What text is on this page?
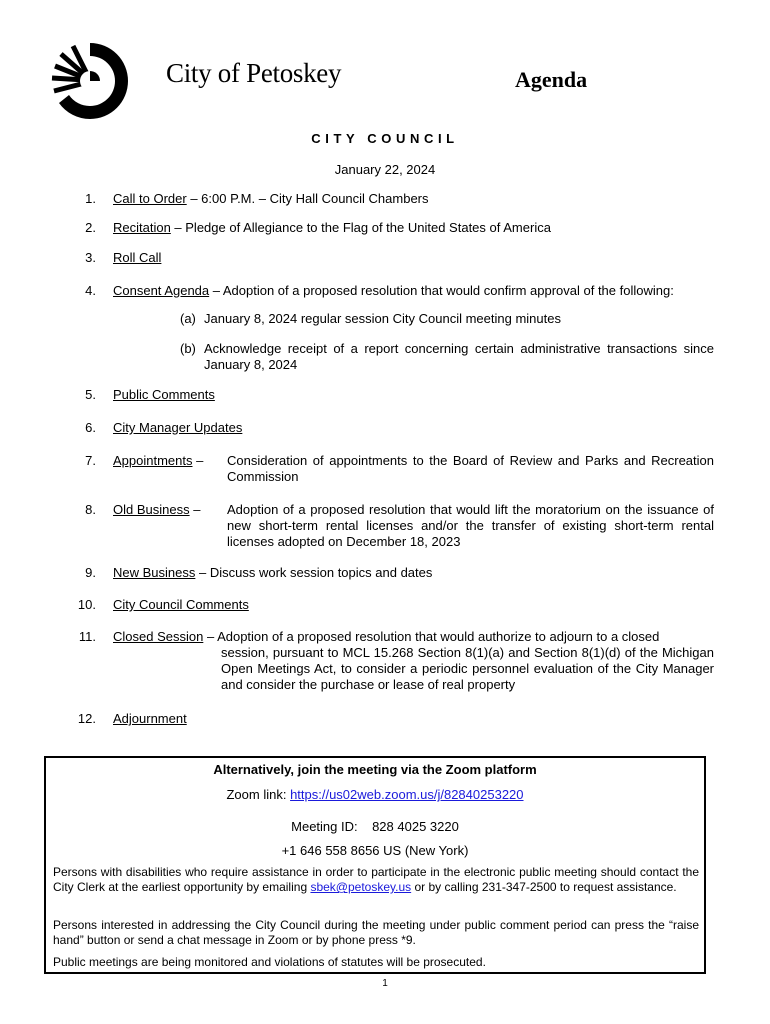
City of Petoskey	Agenda
CITY COUNCIL
January 22, 2024
1. Call to Order – 6:00 P.M. – City Hall Council Chambers
2. Recitation – Pledge of Allegiance to the Flag of the United States of America
3. Roll Call
4. Consent Agenda – Adoption of a proposed resolution that would confirm approval of the following:
(a) January 8, 2024 regular session City Council meeting minutes
(b) Acknowledge receipt of a report concerning certain administrative transactions since January 8, 2024
5. Public Comments
6. City Manager Updates
7. Appointments – Consideration of appointments to the Board of Review and Parks and Recreation Commission
8. Old Business – Adoption of a proposed resolution that would lift the moratorium on the issuance of new short-term rental licenses and/or the transfer of existing short-term rental licenses adopted on December 18, 2023
9. New Business – Discuss work session topics and dates
10. City Council Comments
11. Closed Session – Adoption of a proposed resolution that would authorize to adjourn to a closed
session, pursuant to MCL 15.268 Section 8(1)(a) and Section 8(1)(d) of the Michigan Open Meetings Act, to consider a periodic personnel evaluation of the City Manager and consider the purchase or lease of real property
12. Adjournment
Alternatively, join the meeting via the Zoom platform
Zoom link: https://us02web.zoom.us/j/82840253220
Meeting ID: 828 4025 3220
+1 646 558 8656 US (New York)
Persons with disabilities who require assistance in order to participate in the electronic public meeting should contact the City Clerk at the earliest opportunity by emailing sbek@petoskey.us or by calling 231-347-2500 to request assistance.
Persons interested in addressing the City Council during the meeting under public comment period can press the “raise hand” button or send a chat message in Zoom or by phone press *9.
Public meetings are being monitored and violations of statutes will be prosecuted.
1
